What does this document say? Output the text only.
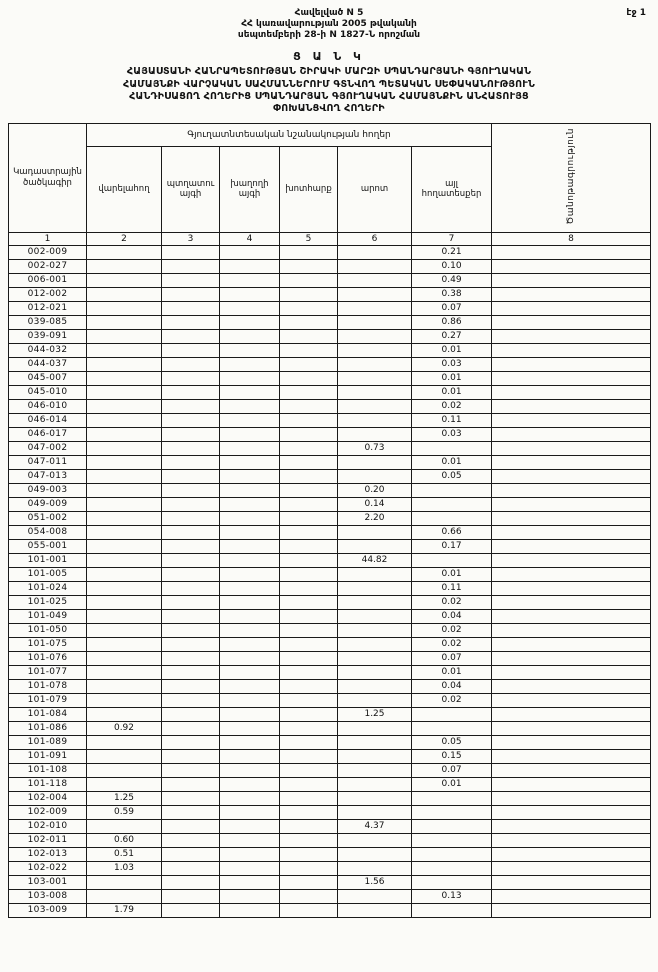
Հավելված N 5
ՀՀ կառավարության 2005 թվականի
սեպտեմբերի 28-ի N 1827-Ն որոշման
էջ 1
Ց Ա Ն Կ
ՀԱՅԱՍՏԱՆԻ ՀԱՆՐԱՊԵՏՈՒԹՅԱՆ ՇԻՐԱԿԻ ՄԱՐԶԻ ՍՊԱՆԴԱՐՅԱՆԻ ԳՅՈՒՂԱԿԱՆ
ՀԱՄԱՅՆՔԻ ՎԱՐՉԱԿԱՆ ՍԱՀՄԱՆՆԵՐՈՒՄ ԳՏՆՎՈՂ ՊԵՏԱԿԱՆ ՍԵՓԱԿԱՆՈՒԹՅՈՒՆ
ՀԱՆԴԻՍԱՑՈՂ ՀՈՂԵՐԻՑ ՍՊԱՆԴԱՐՅԱՆ ԳՅՈՒՂԱԿԱՆ ՀԱՄԱՅՆՔԻՆ ԱՆՀԱՏՈՒՅՑ
ՓՈԽԱՆՑՎՈՂ ՀՈՂԵՐԻ
Կադաստրային ծածկագիր	Գյուղատնտեսական նշանակության հողեր						Ծանոթագրություն
	վարելահող	պտղատու այգի	խաղողի այգի	խոտհարք	արոտ	այլ հողատեսքեր	
1	2	3	4	5	6	7	8
002-009						0.21	
002-027						0.10	
006-001						0.49	
012-002						0.38	
012-021						0.07	
039-085						0.86	
039-091						0.27	
044-032						0.01	
044-037						0.03	
045-007						0.01	
045-010						0.01	
046-010						0.02	
046-014						0.11	
046-017						0.03	
047-002					0.73		
047-011						0.01	
047-013						0.05	
049-003					0.20		
049-009					0.14		
051-002					2.20		
054-008						0.66	
055-001						0.17	
101-001					44.82		
101-005						0.01	
101-024						0.11	
101-025						0.02	
101-049						0.04	
101-050						0.02	
101-075						0.02	
101-076						0.07	
101-077						0.01	
101-078						0.04	
101-079						0.02	
101-084					1.25		
101-086	0.92						
101-089						0.05	
101-091						0.15	
101-108						0.07	
101-118						0.01	
102-004	1.25						
102-009	0.59						
102-010					4.37		
102-011	0.60						
102-013	0.51						
102-022	1.03						
103-001					1.56		
103-008						0.13	
103-009	1.79						
